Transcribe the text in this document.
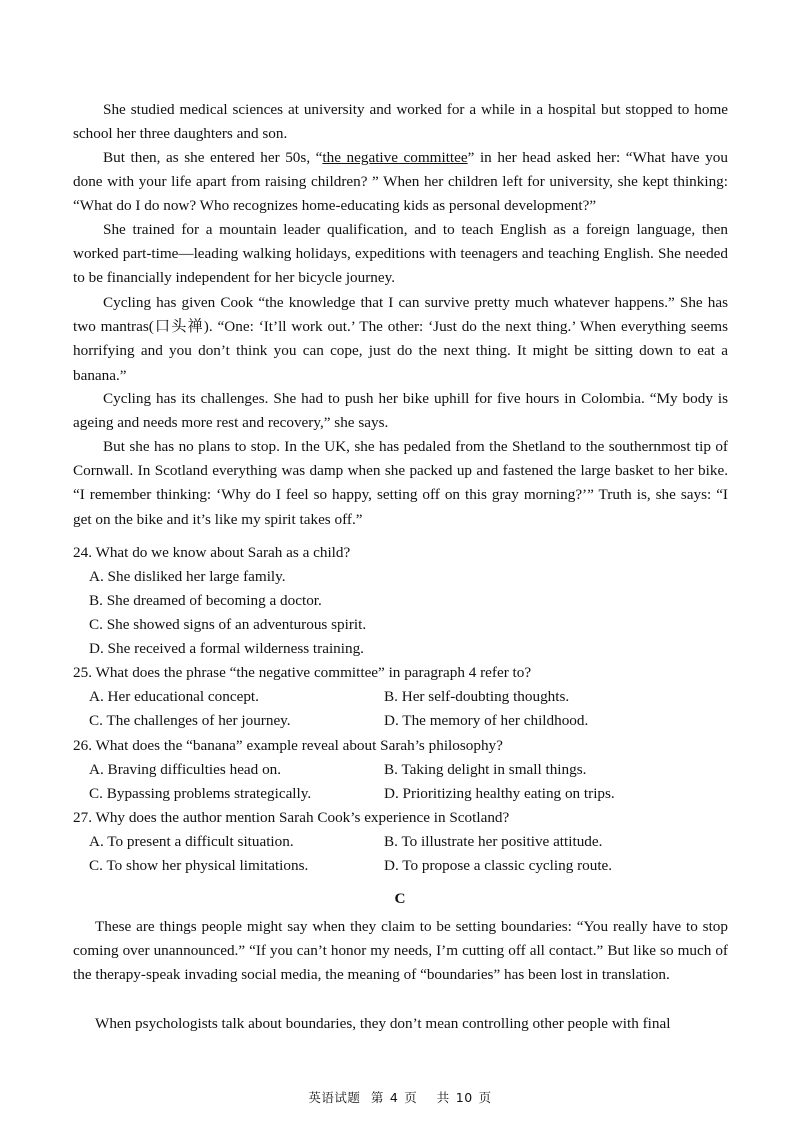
She studied medical sciences at university and worked for a while in a hospital but stopped to home school her three daughters and son.

But then, as she entered her 50s, “the negative committee” in her head asked her: “What have you done with your life apart from raising children? ” When her children left for university, she kept thinking: “What do I do now? Who recognizes home-educating kids as personal development?”

She trained for a mountain leader qualification, and to teach English as a foreign language, then worked part-time—leading walking holidays, expeditions with teenagers and teaching English. She needed to be financially independent for her bicycle journey.

Cycling has given Cook “the knowledge that I can survive pretty much whatever happens.” She has two mantras(口头禅). “One: ‘It’ll work out.’ The other: ‘Just do the next thing.’ When everything seems horrifying and you don’t think you can cope, just do the next thing. It might be sitting down to eat a banana.”

Cycling has its challenges. She had to push her bike uphill for five hours in Colombia. “My body is ageing and needs more rest and recovery,” she says.

But she has no plans to stop. In the UK, she has pedaled from the Shetland to the southernmost tip of Cornwall. In Scotland everything was damp when she packed up and fastened the large basket to her bike. “I remember thinking: ‘Why do I feel so happy, setting off on this gray morning?’” Truth is, she says: “I get on the bike and it’s like my spirit takes off.”

24. What do we know about Sarah as a child?

A. She disliked her large family.

B. She dreamed of becoming a doctor.

C. She showed signs of an adventurous spirit.

D. She received a formal wilderness training.

25. What does the phrase “the negative committee” in paragraph 4 refer to?

A. Her educational concept.	B. Her self-doubting thoughts.

C. The challenges of her journey.	D. The memory of her childhood.

26. What does the “banana” example reveal about Sarah’s philosophy?

A. Braving difficulties head on.	B. Taking delight in small things.

C. Bypassing problems strategically.	D. Prioritizing healthy eating on trips.

27. Why does the author mention Sarah Cook’s experience in Scotland?

A. To present a difficult situation.	B. To illustrate her positive attitude.

C. To show her physical limitations.	D. To propose a classic cycling route.

C

These are things people might say when they claim to be setting boundaries: “You really have to stop coming over unannounced.” “If you can’t honor my needs, I’m cutting off all contact.” But like so much of the therapy-speak invading social media, the meaning of “boundaries” has been lost in translation.

When psychologists talk about boundaries, they don’t mean controlling other people with final

英语试题 第 4 页 共 10 页
